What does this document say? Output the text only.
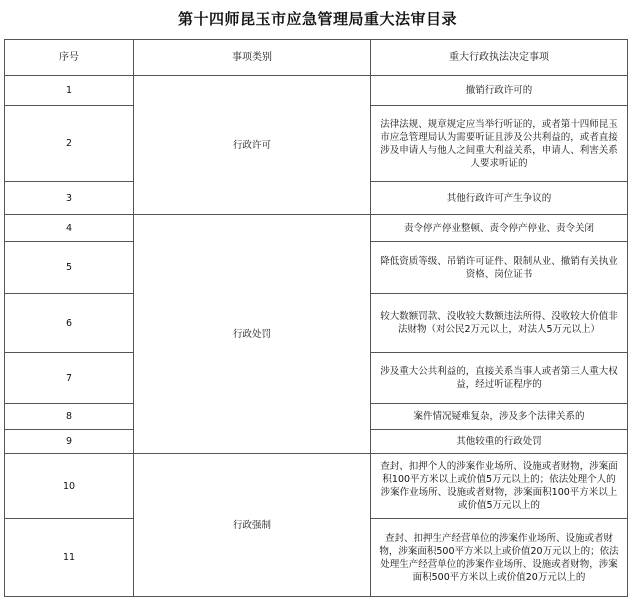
第十四师昆玉市应急管理局重大法审目录
序号	事项类别	重大行政执法决定事项
1	行政许可	撤销行政许可的
2		法律法规、规章规定应当举行听证的，或者第十四师昆玉市应急管理局认为需要听证且涉及公共利益的，或者直接涉及申请人与他人之间重大利益关系，申请人、利害关系人要求听证的
3		其他行政许可产生争议的
4	行政处罚	责令停产停业整顿、责令停产停业、责令关闭
5		降低资质等级、吊销许可证件、限制从业、撤销有关执业资格、岗位证书
6		较大数额罚款、没收较大数额违法所得、没收较大价值非法财物（对公民2万元以上，对法人5万元以上）
7		涉及重大公共利益的，直接关系当事人或者第三人重大权益，经过听证程序的
8		案件情况疑难复杂，涉及多个法律关系的
9		其他较重的行政处罚
10	行政强制	查封、扣押个人的涉案作业场所、设施或者财物，涉案面积100平方米以上或价值5万元以上的；依法处理个人的涉案作业场所、设施或者财物，涉案面积100平方米以上或价值5万元以上的
11		查封、扣押生产经营单位的涉案作业场所、设施或者财物，涉案面积500平方米以上或价值20万元以上的；依法处理生产经营单位的涉案作业场所、设施或者财物，涉案面积500平方米以上或价值20万元以上的
